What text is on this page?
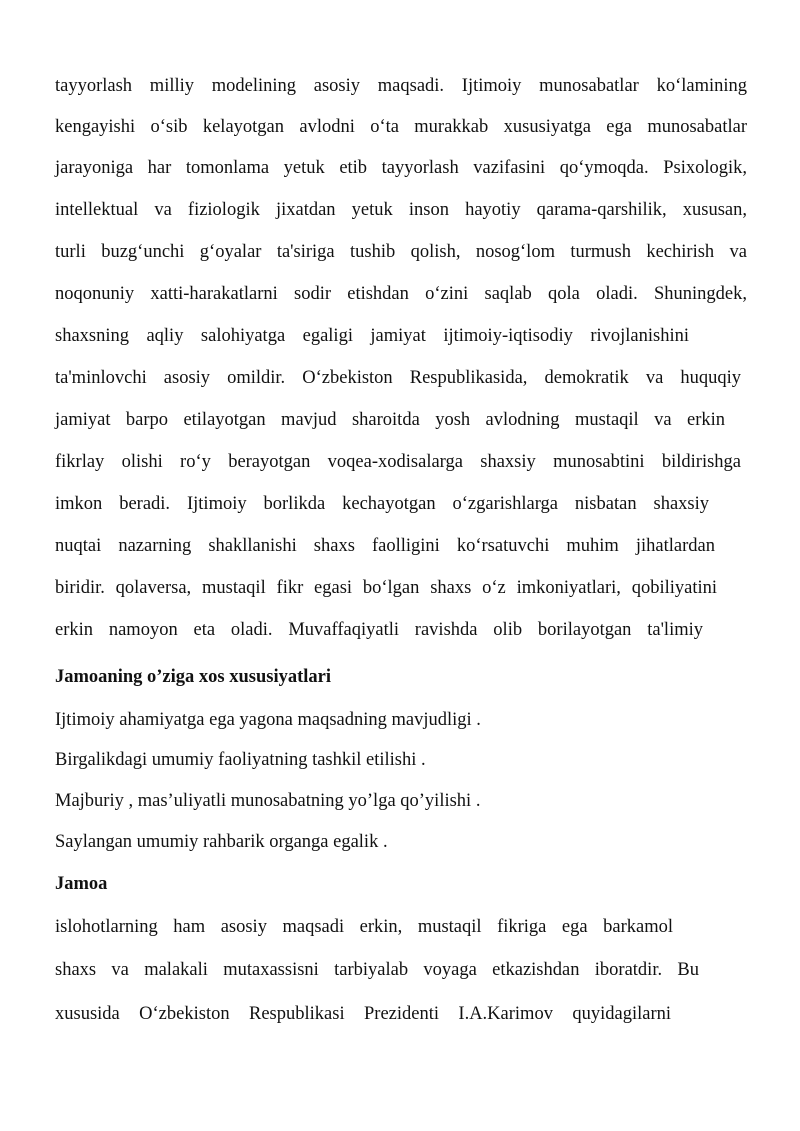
tayyorlash milliy modelining asosiy maqsadi. Ijtimoiy munosabatlar ko‘lamining
kengayishi o‘sib kelayotgan avlodni o‘ta murakkab xususiyatga ega munosabatlar
jarayoniga har tomonlama yetuk etib tayyorlash vazifasini qo‘ymoqda. Psixologik,
intellektual va fiziologik jixatdan yetuk inson hayotiy qarama-qarshilik, xususan,
turli buzg‘unchi g‘oyalar ta'siriga tushib qolish, nosog‘lom turmush kechirish va
noqonuniy xatti-harakatlarni sodir etishdan o‘zini saqlab qola oladi. Shuningdek,
shaxsning aqliy salohiyatga egaligi jamiyat ijtimoiy-iqtisodiy rivojlanishini
ta'minlovchi asosiy omildir. O‘zbekiston Respublikasida, demokratik va huquqiy
jamiyat barpo etilayotgan mavjud sharoitda yosh avlodning mustaqil va erkin
fikrlay olishi ro‘y berayotgan voqea-xodisalarga shaxsiy munosabtini bildirishga
imkon beradi. Ijtimoiy borlikda kechayotgan o‘zgarishlarga nisbatan shaxsiy
nuqtai nazarning shakllanishi shaxs faolligini ko‘rsatuvchi muhim jihatlardan
biridir. qolaversa, mustaqil fikr egasi bo‘lgan shaxs o‘z imkoniyatlari, qobiliyatini
erkin namoyon eta oladi. Muvaffaqiyatli ravishda olib borilayotgan ta'limiy
Jamoaning o’ziga xos xususiyatlari
Ijtimoiy ahamiyatga ega yagona maqsadning mavjudligi .
Birgalikdagi umumiy faoliyatning tashkil etilishi .
Majburiy , mas’uliyatli munosabatning yo’lga qo’yilishi .
Saylangan umumiy rahbarik organga egalik .
Jamoa
islohotlarning ham asosiy maqsadi erkin, mustaqil fikriga ega barkamol
shaxs va malakali mutaxassisni tarbiyalab voyaga etkazishdan iboratdir. Bu
xususida O‘zbekiston Respublikasi Prezidenti I.A.Karimov quyidagilarni
